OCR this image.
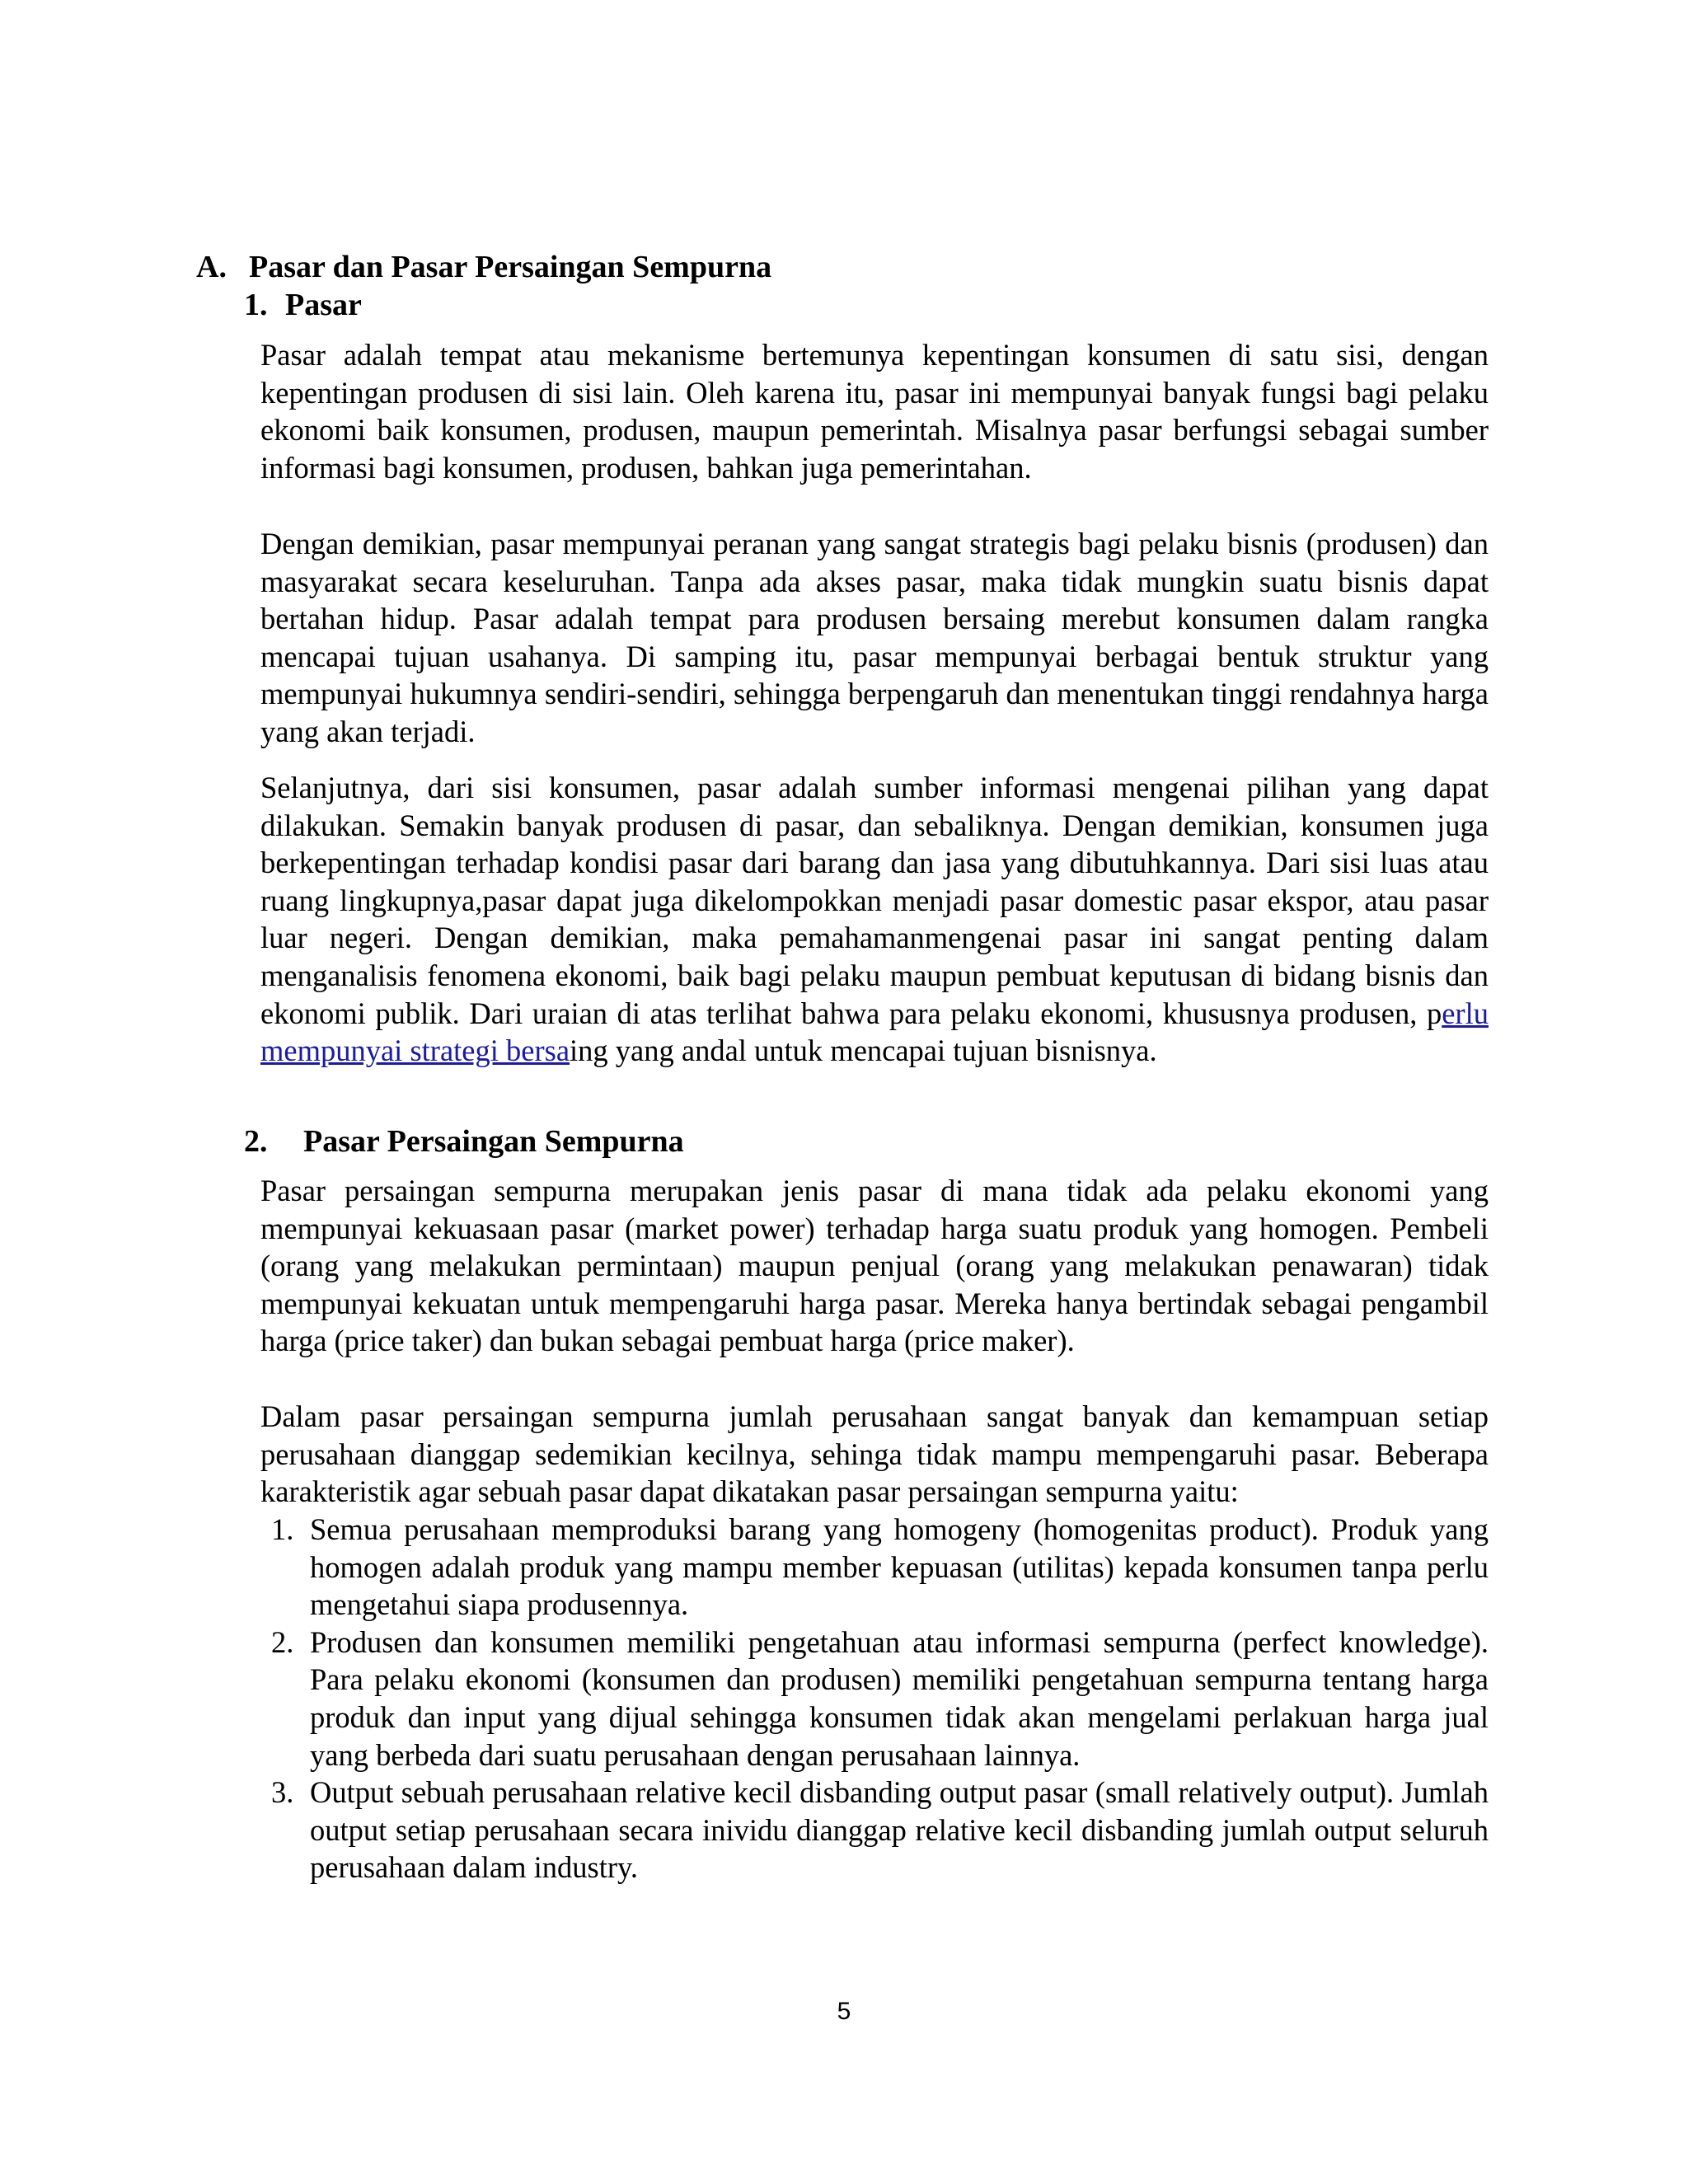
A. Pasar dan Pasar Persaingan Sempurna
1. Pasar

Pasar adalah tempat atau mekanisme bertemunya kepentingan konsumen di satu sisi, dengan kepentingan produsen di sisi lain. Oleh karena itu, pasar ini mempunyai banyak fungsi bagi pelaku ekonomi baik konsumen, produsen, maupun pemerintah. Misalnya pasar berfungsi sebagai sumber informasi bagi konsumen, produsen, bahkan juga pemerintahan.

Dengan demikian, pasar mempunyai peranan yang sangat strategis bagi pelaku bisnis (produsen) dan masyarakat secara keseluruhan. Tanpa ada akses pasar, maka tidak mungkin suatu bisnis dapat bertahan hidup. Pasar adalah tempat para produsen bersaing merebut konsumen dalam rangka mencapai tujuan usahanya. Di samping itu, pasar mempunyai berbagai bentuk struktur yang mempunyai hukumnya sendiri-sendiri, sehingga berpengaruh dan menentukan tinggi rendahnya harga yang akan terjadi.

Selanjutnya, dari sisi konsumen, pasar adalah sumber informasi mengenai pilihan yang dapat dilakukan. Semakin banyak produsen di pasar, dan sebaliknya. Dengan demikian, konsumen juga berkepentingan terhadap kondisi pasar dari barang dan jasa yang dibutuhkannya. Dari sisi luas atau ruang lingkupnya,pasar dapat juga dikelompokkan menjadi pasar domestic pasar ekspor, atau pasar luar negeri. Dengan demikian, maka pemahamanmengenai pasar ini sangat penting dalam menganalisis fenomena ekonomi, baik bagi pelaku maupun pembuat keputusan di bidang bisnis dan ekonomi publik. Dari uraian di atas terlihat bahwa para pelaku ekonomi, khususnya produsen, perlu mempunyai strategi bersaing yang andal untuk mencapai tujuan bisnisnya.

2. Pasar Persaingan Sempurna

Pasar persaingan sempurna merupakan jenis pasar di mana tidak ada pelaku ekonomi yang mempunyai kekuasaan pasar (market power) terhadap harga suatu produk yang homogen. Pembeli (orang yang melakukan permintaan) maupun penjual (orang yang melakukan penawaran) tidak mempunyai kekuatan untuk mempengaruhi harga pasar. Mereka hanya bertindak sebagai pengambil harga (price taker) dan bukan sebagai pembuat harga (price maker).

Dalam pasar persaingan sempurna jumlah perusahaan sangat banyak dan kemampuan setiap perusahaan dianggap sedemikian kecilnya, sehinga tidak mampu mempengaruhi pasar. Beberapa karakteristik agar sebuah pasar dapat dikatakan pasar persaingan sempurna yaitu:

1. Semua perusahaan memproduksi barang yang homogeny (homogenitas product). Produk yang homogen adalah produk yang mampu member kepuasan (utilitas) kepada konsumen tanpa perlu mengetahui siapa produsennya.
2. Produsen dan konsumen memiliki pengetahuan atau informasi sempurna (perfect knowledge). Para pelaku ekonomi (konsumen dan produsen) memiliki pengetahuan sempurna tentang harga produk dan input yang dijual sehingga konsumen tidak akan mengelami perlakuan harga jual yang berbeda dari suatu perusahaan dengan perusahaan lainnya.
3. Output sebuah perusahaan relative kecil disbanding output pasar (small relatively output). Jumlah output setiap perusahaan secara inividu dianggap relative kecil disbanding jumlah output seluruh perusahaan dalam industry.
5
